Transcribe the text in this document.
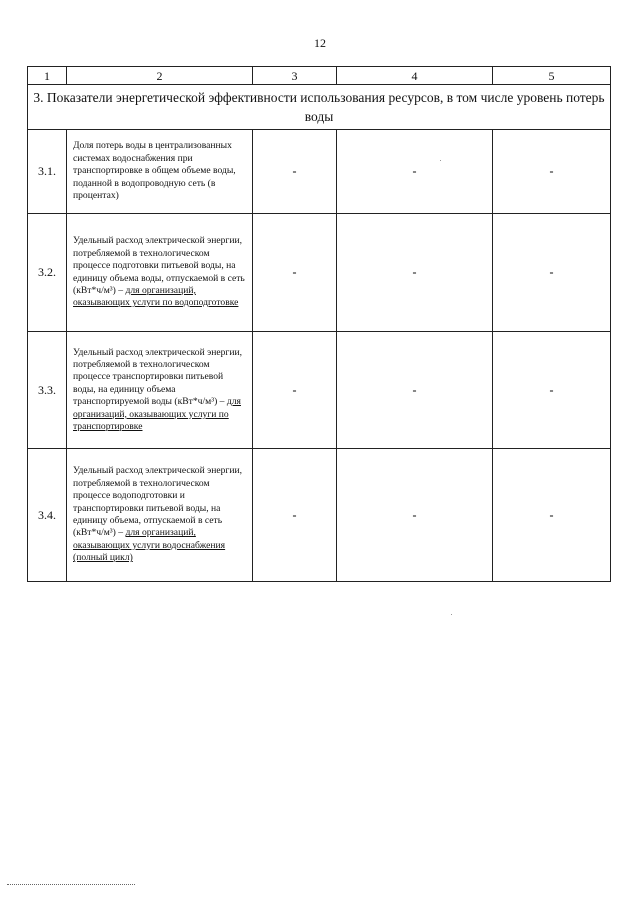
12
1	2	3	4	5
3. Показатели энергетической эффективности использования ресурсов, в том числе уровень потерь воды				
3.1.	Доля потерь воды в централизованных системах водоснабжения при транспортировке в общем объеме воды, поданной в водопроводную сеть (в процентах)	-	-	-
3.2.	Удельный расход электрической энергии, потребляемой в технологическом процессе подготовки питьевой воды, на единицу объема воды, отпускаемой в сеть (кВт*ч/м³) – для организаций, оказывающих услуги по водоподготовке	-	-	-
3.3.	Удельный расход электрической энергии, потребляемой в технологическом процессе транспортировки питьевой воды, на единицу объема транспортируемой воды (кВт*ч/м³) – для организаций, оказывающих услуги по транспортировке	-	-	-
3.4.	Удельный расход электрической энергии, потребляемой в технологическом процессе водоподготовки и транспортировки питьевой воды, на единицу объема, отпускаемой в сеть (кВт*ч/м³) – для организаций, оказывающих услуги водоснабжения (полный цикл)	-	-	-
